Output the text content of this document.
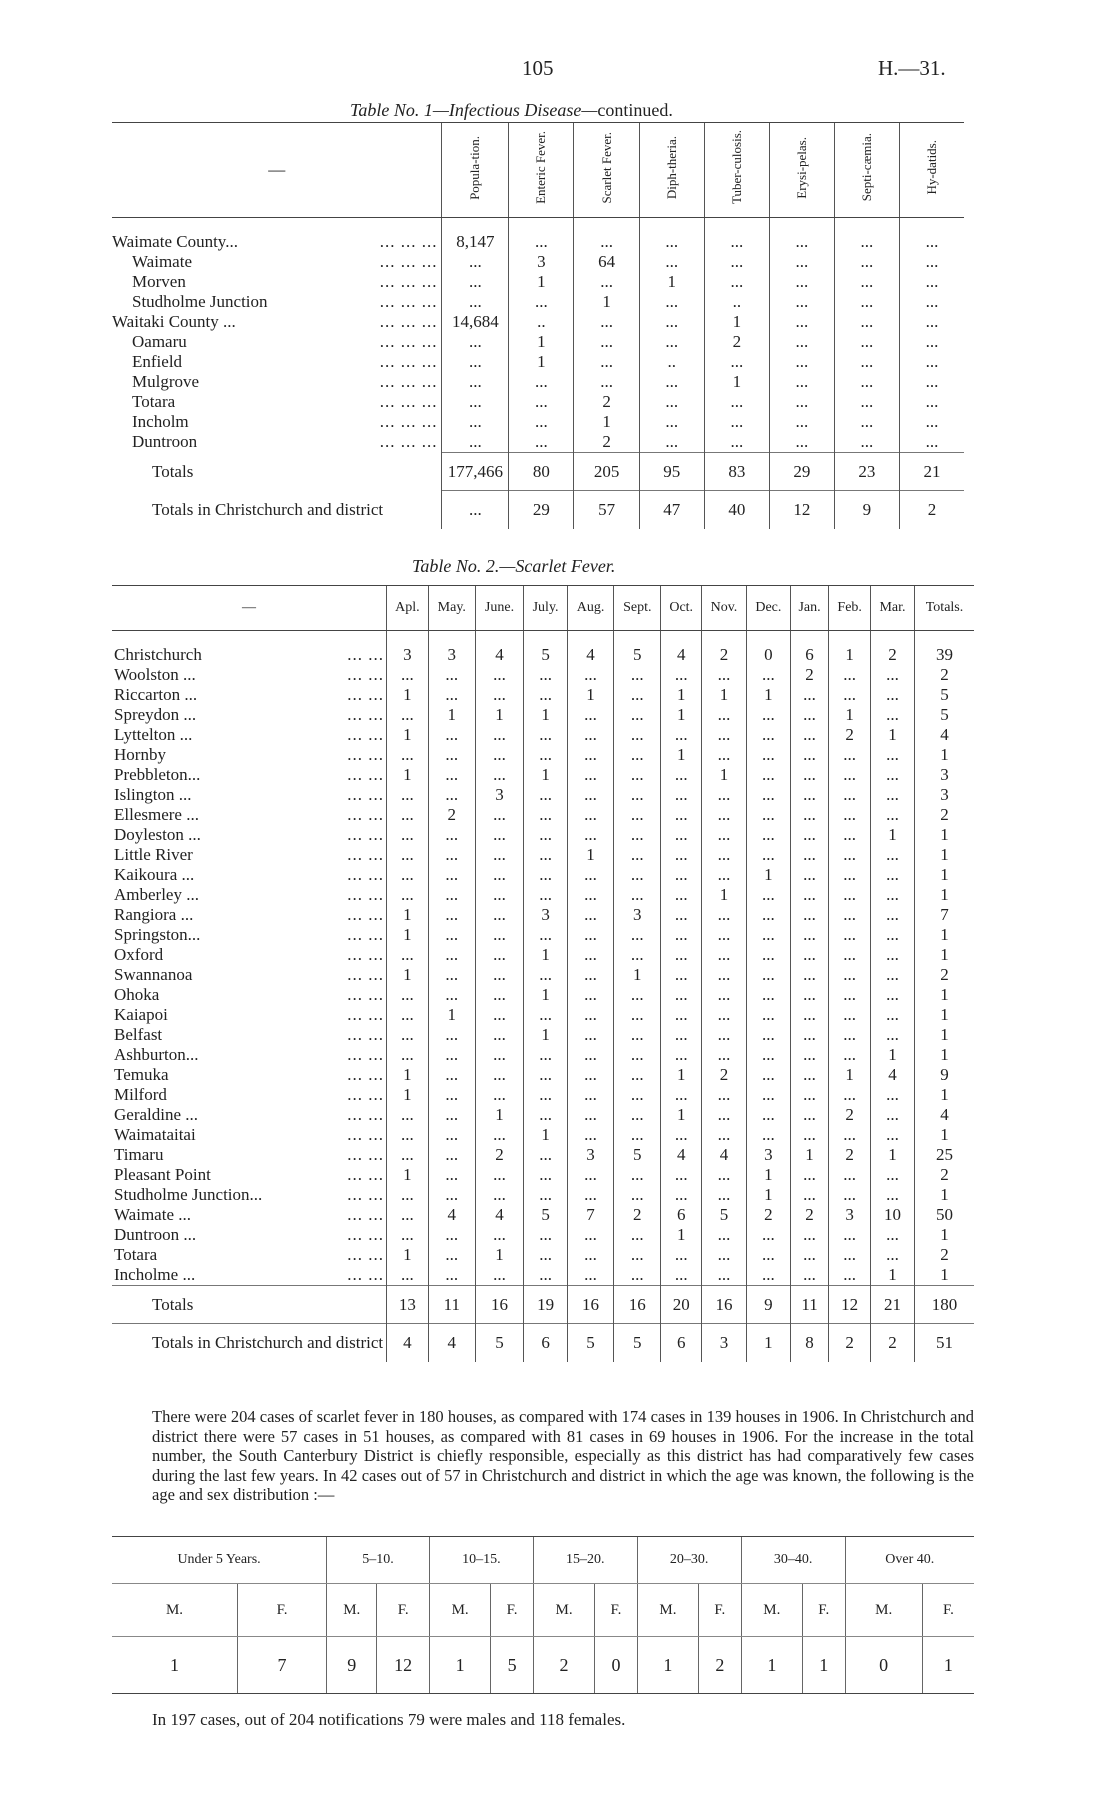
105	H.—31.
Table No. 1—Infectious Disease—continued.
—	Popula-tion.	Enteric Fever.	Scarlet Fever.	Diph-theria.	Tuber-culosis.	Erysi-pelas.	Septi-cæmia.	Hy-datids.

Waimate County... ... ... ...	8,147	...	...	...	...	...	...	...
Waimate ... ... ...	...	3	64	...	...	...	...	...
Morven ... ... ...	...	1	...	1	...	...	...	...
Studholme Junction ... ... ...	...	...	1	...	..	...	...	...
Waitaki County ... ... ... ...	14,684	..	...	...	1	...	...	...
Oamaru ... ... ...	...	1	...	...	2	...	...	...
Enfield ... ... ...	...	1	...	..	...	...	...	...
Mulgrove ... ... ...	...	...	...	...	1	...	...	...
Totara ... ... ...	...	...	2	...	...	...	...	...
Incholm ... ... ...	...	...	1	...	...	...	...	...
Duntroon ... ... ...	...	...	2	...	...	...	...	...
Totals	177,466	80	205	95	83	29	23	21
Totals in Christchurch and district	...	29	57	47	40	12	9	2
Table No. 2.—Scarlet Fever.
—	Apl.	May.	June.	July.	Aug.	Sept.	Oct.	Nov.	Dec.	Jan.	Feb.	Mar.	Totals.

Christchurch ... ...	3	3	4	5	4	5	4	2	0	6	1	2	39
Woolston ... ... ...	...	...	...	...	...	...	...	...	...	2	...	...	2
Riccarton ... ... ...	1	...	...	...	1	...	1	1	1	...	...	...	5
Spreydon ... ... ...	...	1	1	1	...	...	1	...	...	...	1	...	5
Lyttelton ... ... ...	1	...	...	...	...	...	...	...	...	...	2	1	4
Hornby ... ...	...	...	...	...	...	...	1	...	...	...	...	...	1
Prebbleton... ... ...	1	...	...	1	...	...	...	1	...	...	...	...	3
Islington ... ... ...	...	...	3	...	...	...	...	...	...	...	...	...	3
Ellesmere ... ... ...	...	2	...	...	...	...	...	...	...	...	...	...	2
Doyleston ... ... ...	...	...	...	...	...	...	...	...	...	...	...	1	1
Little River ... ...	...	...	...	...	1	...	...	...	...	...	...	...	1
Kaikoura ... ... ...	...	...	...	...	...	...	...	...	1	...	...	...	1
Amberley ... ... ...	...	...	...	...	...	...	...	1	...	...	...	...	1
Rangiora ... ... ...	1	...	...	3	...	3	...	...	...	...	...	...	7
Springston... ... ...	1	...	...	...	...	...	...	...	...	...	...	...	1
Oxford ... ...	...	...	...	1	...	...	...	...	...	...	...	...	1
Swannanoa ... ...	1	...	...	...	...	1	...	...	...	...	...	...	2
Ohoka ... ...	...	...	...	1	...	...	...	...	...	...	...	...	1
Kaiapoi ... ...	...	1	...	...	...	...	...	...	...	...	...	...	1
Belfast ... ...	...	...	...	1	...	...	...	...	...	...	...	...	1
Ashburton... ... ...	...	...	...	...	...	...	...	...	...	...	...	1	1
Temuka ... ...	1	...	...	...	...	...	1	2	...	...	1	4	9
Milford ... ...	1	...	...	...	...	...	...	...	...	...	...	...	1
Geraldine ... ... ...	...	...	1	...	...	...	1	...	...	...	2	...	4
Waimataitai ... ...	...	...	...	1	...	...	...	...	...	...	...	...	1
Timaru ... ...	...	...	2	...	3	5	4	4	3	1	2	1	25
Pleasant Point ... ...	1	...	...	...	...	...	...	...	1	...	...	...	2
Studholme Junction... ... ...	...	...	...	...	...	...	...	...	1	...	...	...	1
Waimate ... ... ...	...	4	4	5	7	2	6	5	2	2	3	10	50
Duntroon ... ... ...	...	...	...	...	...	...	1	...	...	...	...	...	1
Totara ... ...	1	...	1	...	...	...	...	...	...	...	...	...	2
Incholme ... ... ...	...	...	...	...	...	...	...	...	...	...	...	1	1
Totals	13	11	16	19	16	16	20	16	9	11	12	21	180
Totals in Christchurch and district	4	4	5	6	5	5	6	3	1	8	2	2	51
There were 204 cases of scarlet fever in 180 houses, as compared with 174 cases in 139 houses in 1906. In Christchurch and district there were 57 cases in 51 houses, as compared with 81 cases in 69 houses in 1906. For the increase in the total number, the South Canterbury District is chiefly responsible, especially as this district has had comparatively few cases during the last few years. In 42 cases out of 57 in Christchurch and district in which the age was known, the following is the age and sex distribution :—
Under 5 Years.		5–10.		10–15.		15–20.		20–30.		30–40.		Over 40.	
M.	F.	M.	F.	M.	F.	M.	F.	M.	F.	M.	F.	M.	F.
1	7	9	12	1	5	2	0	1	2	1	1	0	1
In 197 cases, out of 204 notifications 79 were males and 118 females.
